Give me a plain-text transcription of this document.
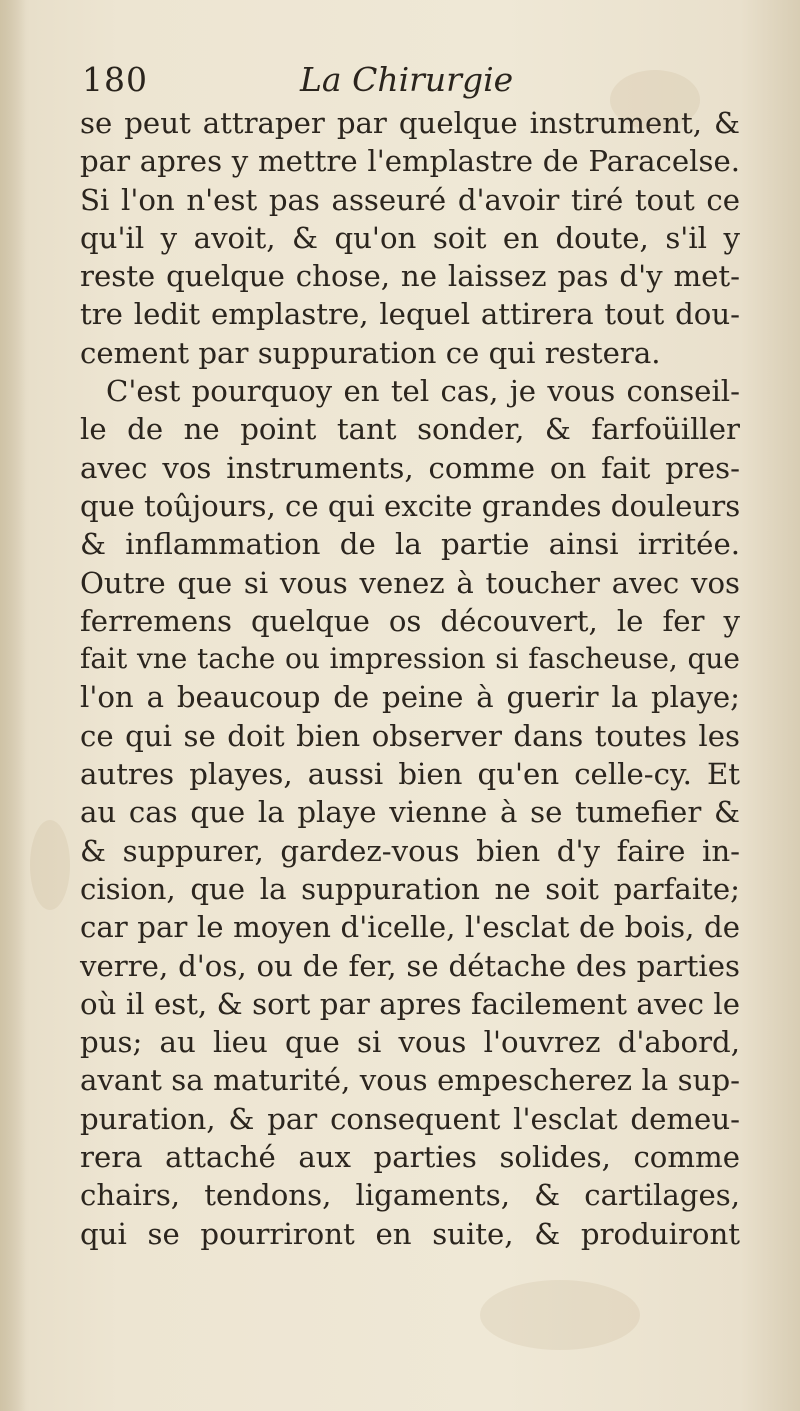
180	La Chirurgie
se peut attraper par quelque instrument, &
par apres y mettre l'emplastre de Paracelse.
Si l'on n'est pas asseuré d'avoir tiré tout ce
qu'il y avoit, & qu'on soit en doute, s'il y
reste quelque chose, ne laissez pas d'y met-
tre ledit emplastre, lequel attirera tout dou-
cement par suppuration ce qui restera.
C'est pourquoy en tel cas, je vous conseil-
le de ne point tant sonder, & farfoüiller
avec vos instruments, comme on fait pres-
que toûjours, ce qui excite grandes douleurs
& inflammation de la partie ainsi irritée.
Outre que si vous venez à toucher avec vos
ferremens quelque os découvert, le fer y
fait vne tache ou impression si fascheuse, que
l'on a beaucoup de peine à guerir la playe;
ce qui se doit bien observer dans toutes les
autres playes, aussi bien qu'en celle-cy. Et
au cas que la playe vienne à se tumefier &
& suppurer, gardez-vous bien d'y faire in-
cision, que la suppuration ne soit parfaite;
car par le moyen d'icelle, l'esclat de bois, de
verre, d'os, ou de fer, se détache des parties
où il est, & sort par apres facilement avec le
pus; au lieu que si vous l'ouvrez d'abord,
avant sa maturité, vous empescherez la sup-
puration, & par consequent l'esclat demeu-
rera attaché aux parties solides, comme
chairs, tendons, ligaments, & cartilages,
qui se pourriront en suite, & produiront
